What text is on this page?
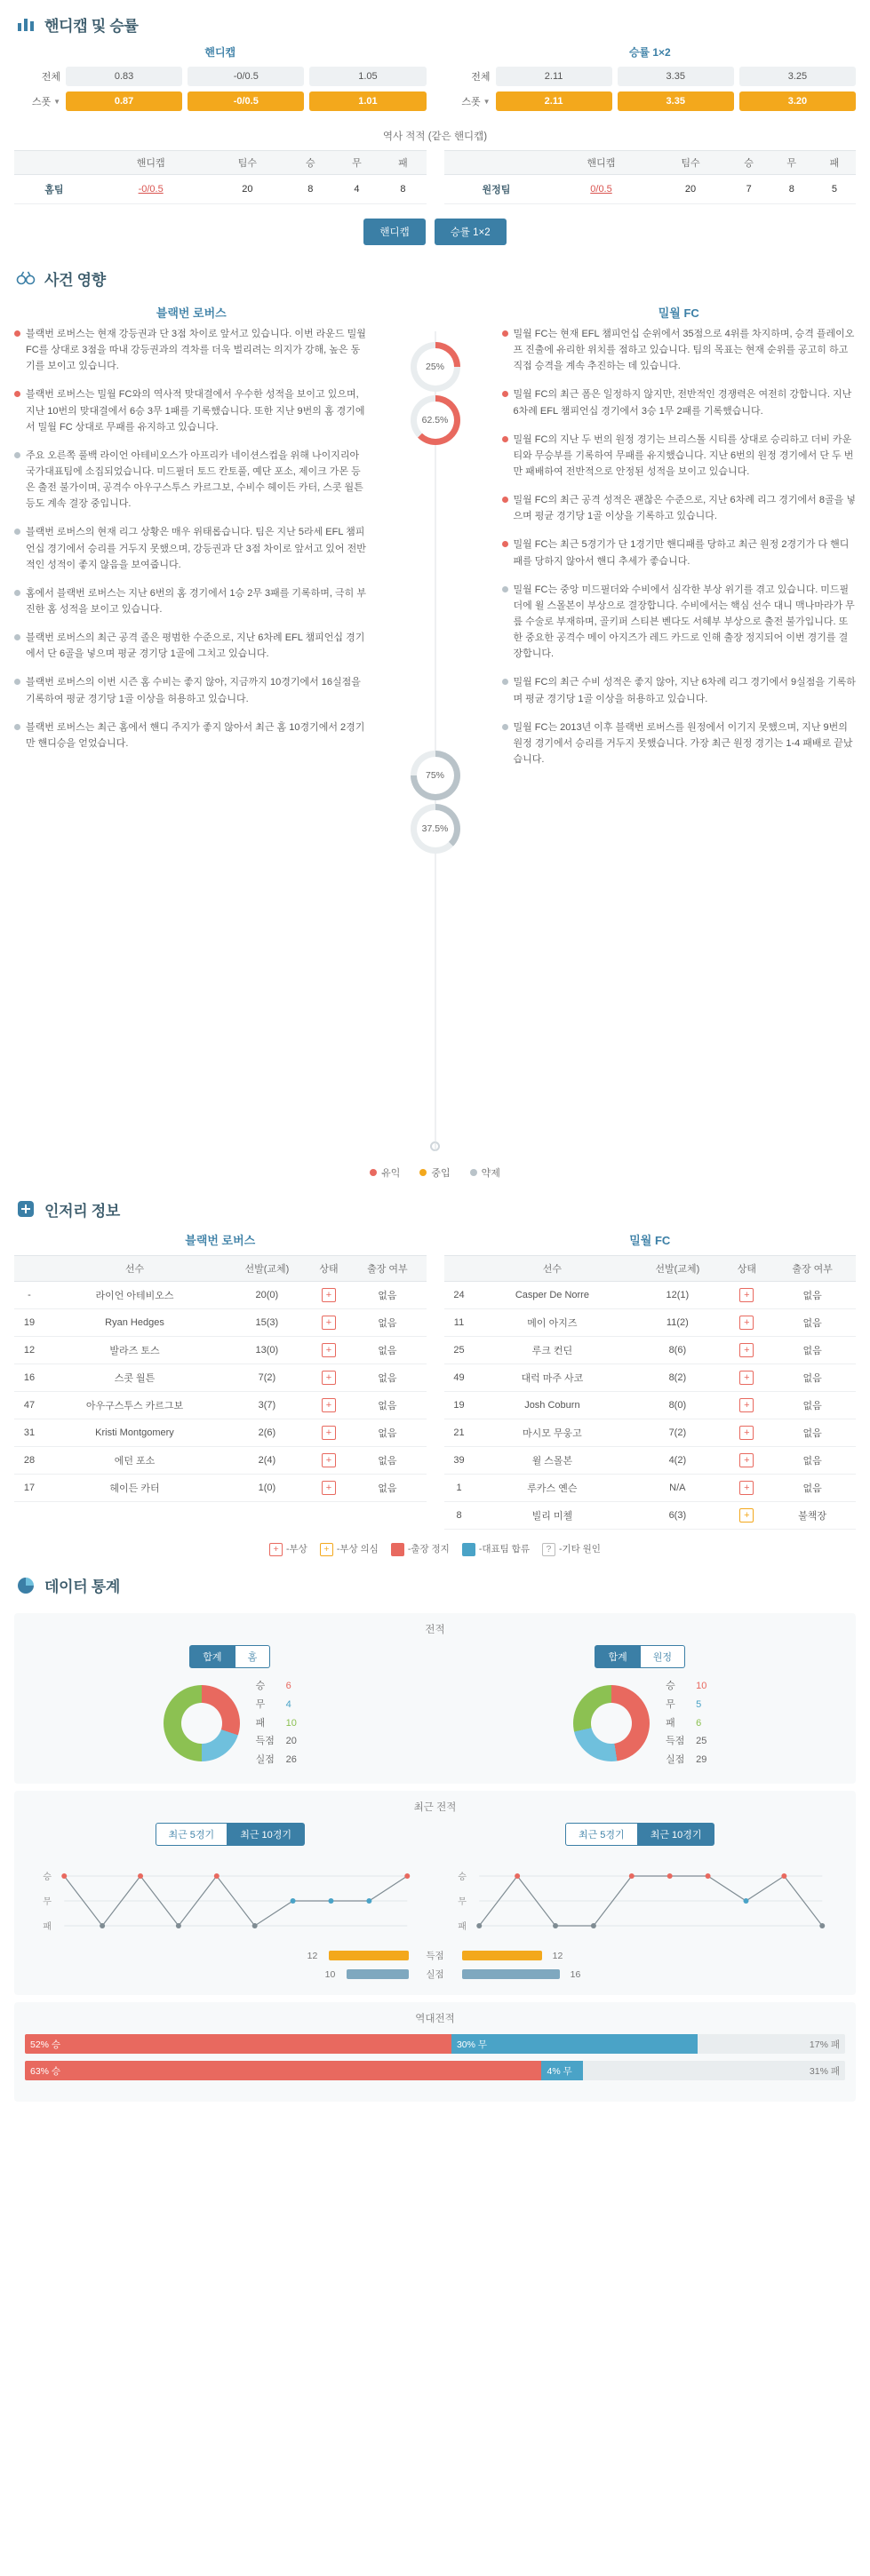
핸디캡 및 승률
핸디캡
전체	0.83	-0/0.5	1.05
스폿 ▼	0.87	-0/0.5	1.01
승률 1×2
전체	2.11	3.35	3.25
스폿 ▼	2.11	3.35	3.20
역사 적적 (같은 핸디캡)
	핸디캡	팀수	승	무	패
홈팀	-0/0.5	20	8	4	8
	핸디캡	팀수	승	무	패
원정팀	0/0.5	20	7	8	5
핸디캡	승률 1×2
사건 영향
블랙번 로버스	밀월 FC
블랙번 로버스는 현재 강등권과 단 3점 차이로 앞서고 있습니다. 이번 라운드 밀월 FC를 상대로 3점을 따내 강등권과의 격차를 더욱 벌리려는 의지가 강해, 높은 동기를 보이고 있습니다.
블랙번 로버스는 밀월 FC와의 역사적 맞대결에서 우수한 성적을 보이고 있으며, 지난 10번의 맞대결에서 6승 3무 1패를 기록했습니다. 또한 지난 9번의 홈 경기에서 밀월 FC 상대로 무패를 유지하고 있습니다.
주요 오른쪽 풀백 라이언 아테비오스가 아프리카 네이션스컵을 위해 나이지리아 국가대표팀에 소집되었습니다. 미드필더 토드 칸토풀, 예단 포소, 제이크 가몬 등은 출전 불가이며, 공격수 아우구스투스 카르그보, 수비수 헤이든 카터, 스콧 월튼 등도 계속 결장 중입니다.
블랙번 로버스의 현재 리그 상황은 매우 위태롭습니다. 팀은 지난 5라세 EFL 챔피언십 경기에서 승리를 거두지 못했으며, 강등권과 단 3점 차이로 앞서고 있어 전반적인 성적이 좋지 않음을 보여줍니다.
홈에서 블랙번 로버스는 지난 6번의 홈 경기에서 1승 2무 3패를 기록하며, 극히 부진한 홈 성적을 보이고 있습니다.
블랙번 로버스의 최근 공격 졸은 평범한 수준으로, 지난 6차례 EFL 챔피언십 경기에서 단 6골을 넣으며 평균 경기당 1골에 그치고 있습니다.
블랙번 로버스의 이번 시즌 홈 수비는 좋지 않아, 지금까지 10경기에서 16실점을 기록하여 평균 경기당 1골 이상을 허용하고 있습니다.
블랙번 로버스는 최근 홈에서 핸디 주지가 좋지 않아서 최근 홈 10경기에서 2경기만 핸디승을 얻었습니다.
25%
62.5%
75%
37.5%
밀월 FC는 현재 EFL 챔피언십 순위에서 35점으로 4위를 차지하며, 승격 플레이오프 진출에 유리한 위치를 점하고 있습니다. 팀의 목표는 현재 순위를 공고히 하고 직접 승격을 계속 추진하는 데 있습니다.
밀월 FC의 최근 폼은 일정하지 않지만, 전반적인 경쟁력은 여전히 강합니다. 지난 6차례 EFL 챔피언십 경기에서 3승 1무 2패를 기록했습니다.
밀월 FC의 지난 두 번의 원정 경기는 브리스톨 시티를 상대로 승리하고 더비 카운티와 무승부를 기록하여 무패를 유지했습니다. 지난 6번의 원정 경기에서 단 두 번만 패배하여 전반적으로 안정된 성적을 보이고 있습니다.
밀월 FC의 최근 공격 성적은 괜찮은 수준으로, 지난 6차례 리그 경기에서 8골을 넣으며 평균 경기당 1골 이상을 기록하고 있습니다.
밀월 FC는 최근 5경기가 단 1경기만 핸디패를 당하고 최근 원정 2경기가 다 핸디패를 당하지 않아서 핸디 추세가 좋습니다.
밀월 FC는 중앙 미드필더와 수비에서 심각한 부상 위기를 겪고 있습니다. 미드필더에 윌 스몰본이 부상으로 결장합니다. 수비에서는 핵심 선수 대니 맥나마라가 무릎 수술로 부재하며, 골키퍼 스티븐 벤다도 서혜부 부상으로 출전 불가입니다. 또한 중요한 공격수 메이 아지즈가 레드 카드로 인해 출장 정지되어 이번 경기를 결장합니다.
밀월 FC의 최근 수비 성적은 좋지 않아, 지난 6차례 리그 경기에서 9실점을 기록하며 평균 경기당 1골 이상을 허용하고 있습니다.
밀월 FC는 2013년 이후 블랙번 로버스를 원정에서 이기지 못했으며, 지난 9번의 원정 경기에서 승리를 거두지 못했습니다. 가장 최근 원정 경기는 1-4 패배로 끝났습니다.
유익	중입	약제
인저리 정보
블랙번 로버스
	선수	선발(교체)	상태	출장 여부
-	라이언 아테비오스	20(0)	+	없음
19	Ryan Hedges	15(3)	+	없음
12	발라즈 토스	13(0)	+	없음
16	스콧 월튼	7(2)	+	없음
47	아우구스투스 카르그보	3(7)	+	없음
31	Kristi Montgomery	2(6)	+	없음
28	에던 포소	2(4)	+	없음
17	헤이든 카터	1(0)	+	없음
밀월 FC
	선수	선발(교체)	상태	출장 여부
24	Casper De Norre	12(1)	+	없음
11	메이 아지즈	11(2)	+	없음
25	루크 컨딘	8(6)	+	없음
49	대럭 마주 사코	8(2)	+	없음
19	Josh Coburn	8(0)	+	없음
21	마시모 무웅고	7(2)	+	없음
39	윌 스몰본	4(2)	+	없음
1	루카스 옌슨	N/A	+	없음
8	빌리 미첼	6(3)	+	불책장
+ -부상	+ -부상 의심	-출장 정지	-대표팀 합류	? -기타 원인
데이터 통계
전적
합계	홈	합계	원정
승 6
무 4
패 10
득점 20
실점 26
승 10
무 5
패 6
득점 25
실점 29
최근 전적
최근 5경기	최근 10경기	최근 5경기	최근 10경기
승
무
패
승
무
패
12	득점	12
10	실점	16
역대전적
52% 승	30% 무	17% 패
63% 승	4% 무	31% 패
